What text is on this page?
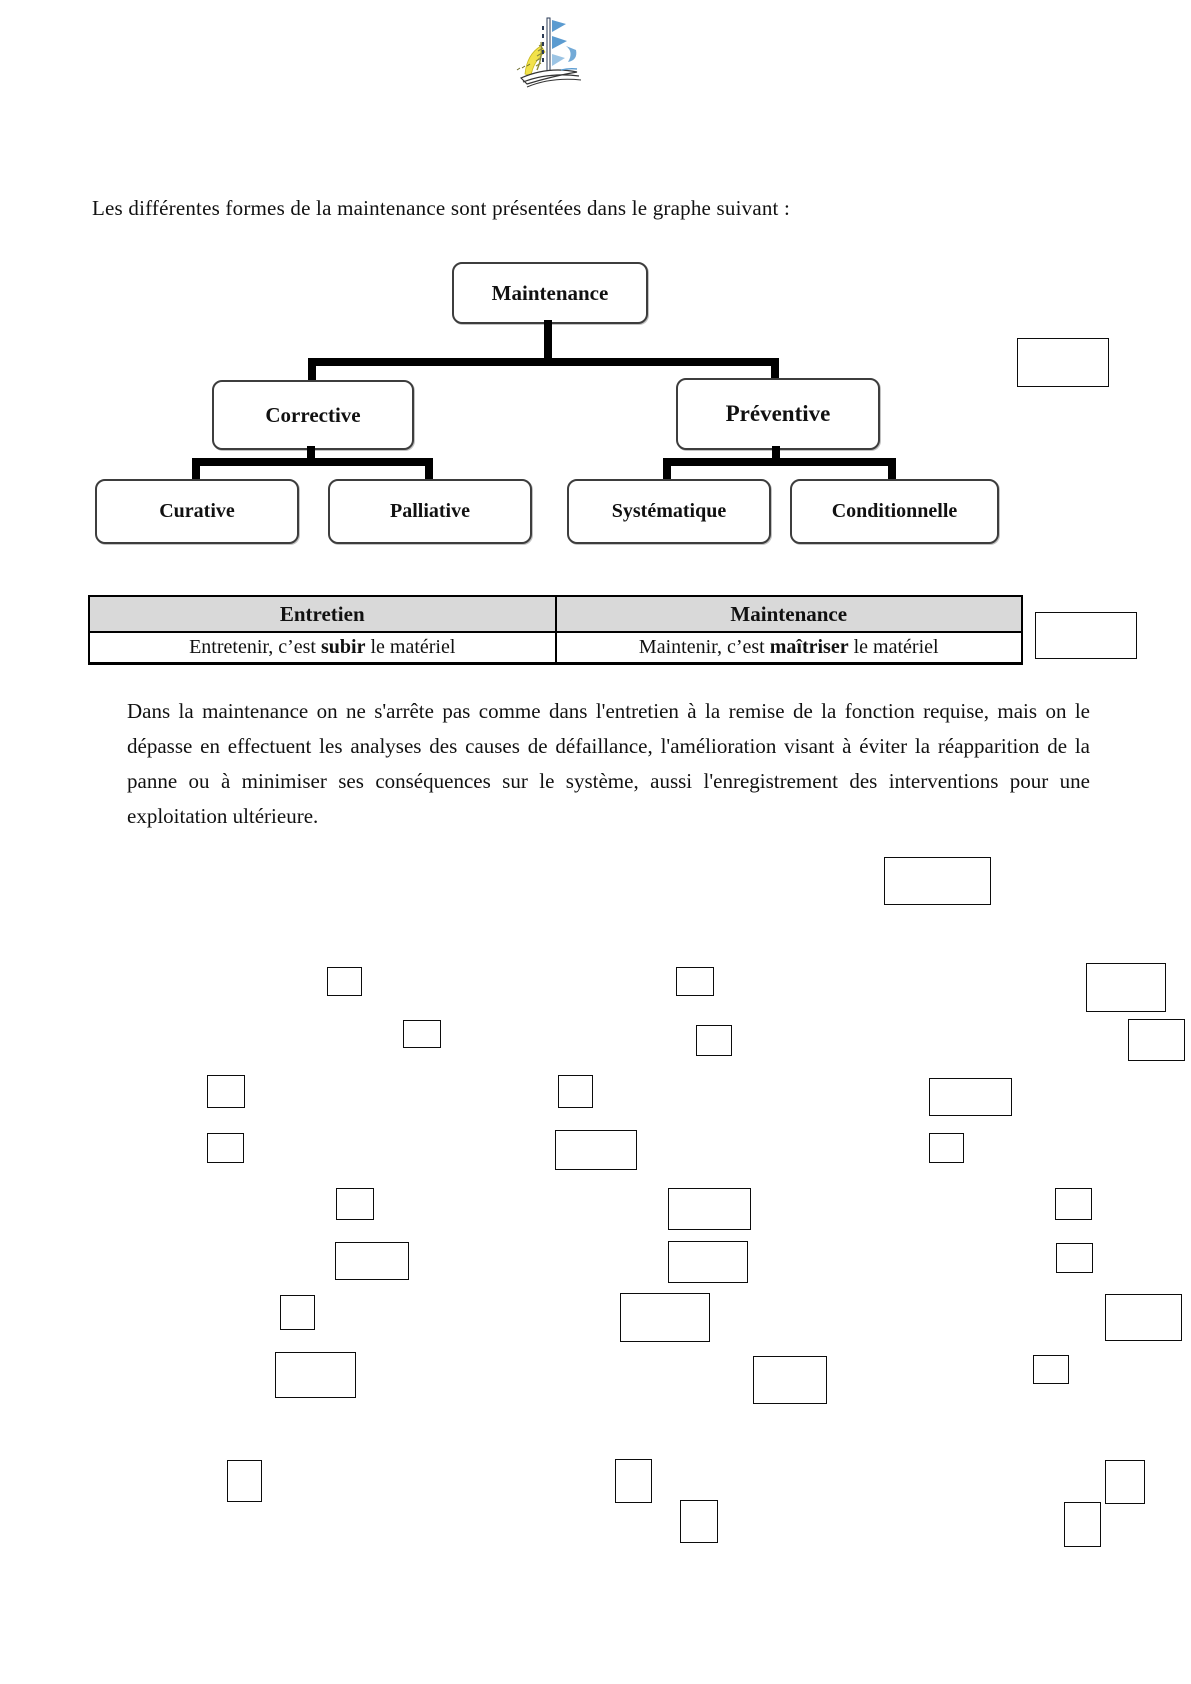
Les différentes formes de la maintenance sont présentées dans le graphe suivant :
Maintenance
Corrective	Préventive
Curative	Palliative	Systématique	Conditionnelle
Entretien	Maintenance
Entretenir, c’est subir le matériel	Maintenir, c’est maîtriser le matériel
Dans la maintenance on ne s'arrête pas comme dans l'entretien à la remise de la fonction requise, mais on le dépasse en effectuent les analyses des causes de défaillance, l'amélioration visant à éviter la réapparition de la panne ou à minimiser ses conséquences sur le système, aussi l'enregistrement des interventions pour une exploitation ultérieure.
